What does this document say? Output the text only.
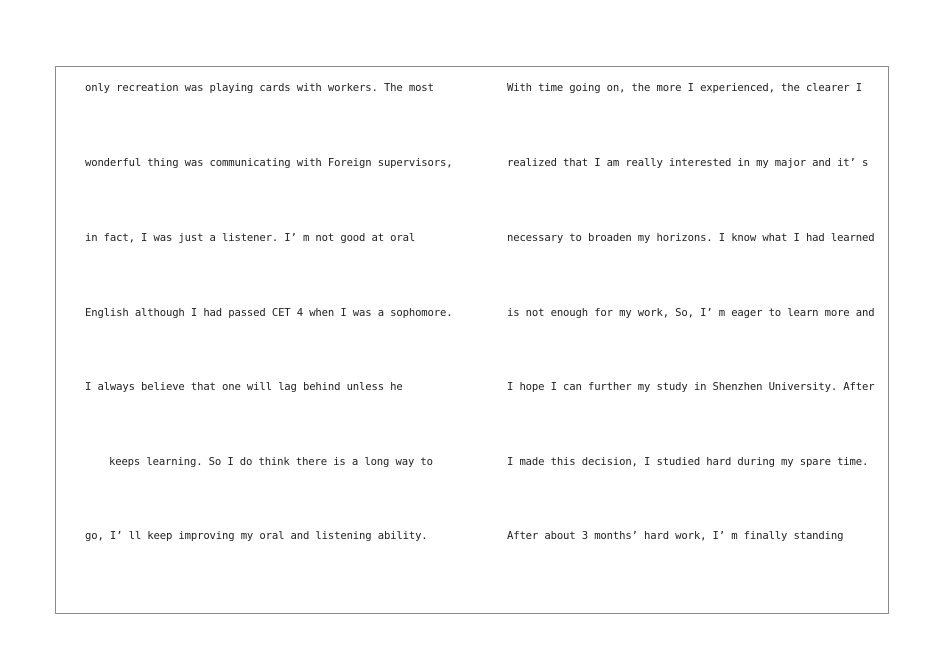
only recreation was playing cards with workers. The most
wonderful thing was communicating with Foreign supervisors,
in fact, I was just a listener. I’ m not good at oral
English although I had passed CET 4 when I was a sophomore.
I always believe that one will lag behind unless he
keeps learning. So I do think there is a long way to
go, I’ ll keep improving my oral and listening ability.
With time going on, the more I experienced, the clearer I
realized that I am really interested in my major and it’ s
necessary to broaden my horizons. I know what I had learned
is not enough for my work, So, I’ m eager to learn more and
I hope I can further my study in Shenzhen University. After
I made this decision, I studied hard during my spare time.
After about 3 months’ hard work, I’ m finally standing
